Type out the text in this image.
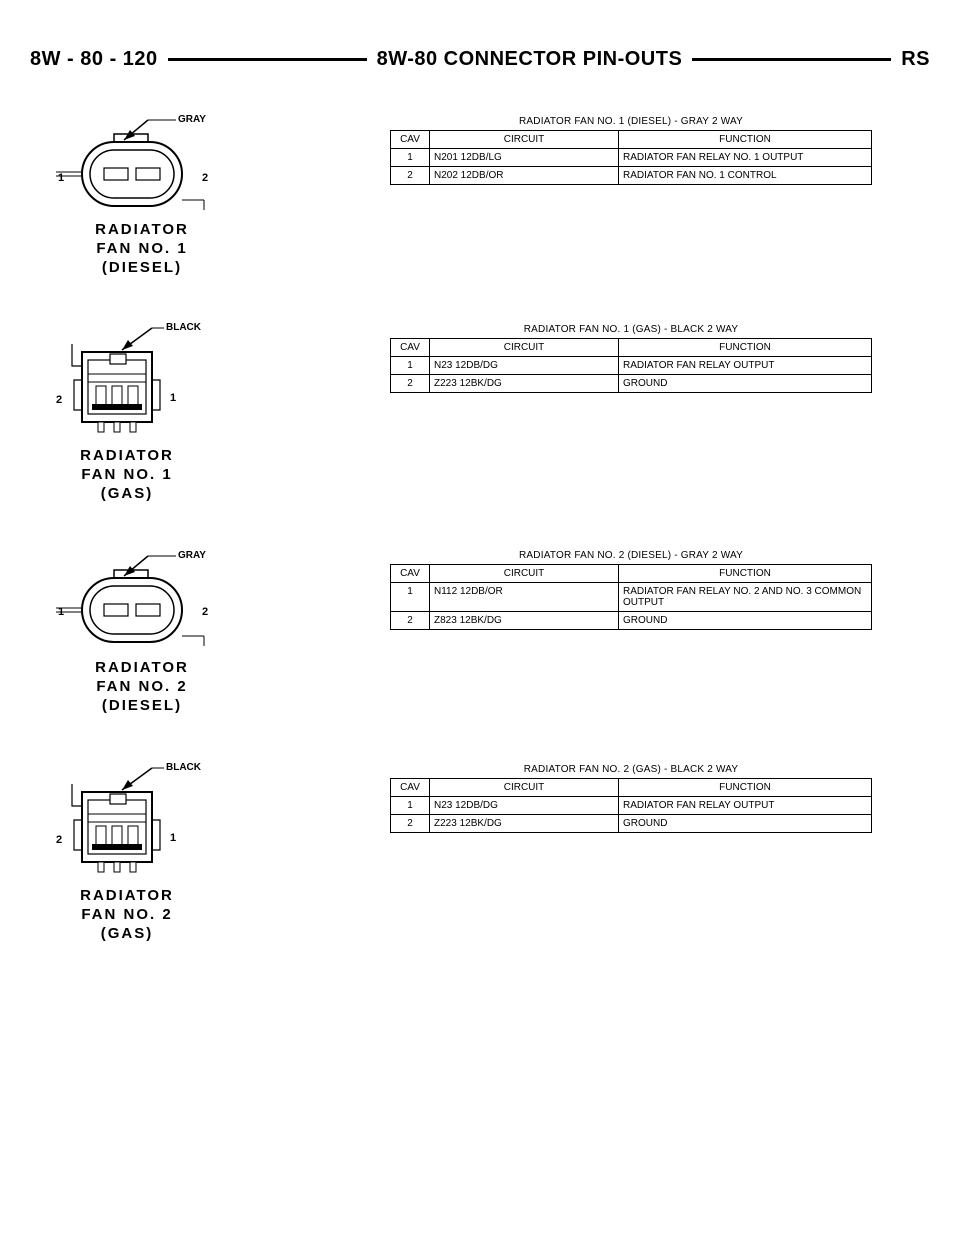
8W - 80 - 120	8W-80 CONNECTOR PIN-OUTS	RS
GRAY
1	2
RADIATOR
FAN NO. 1
(DIESEL)
RADIATOR FAN NO. 1 (DIESEL) - GRAY 2 WAY
CAV	CIRCUIT	FUNCTION
1	N201 12DB/LG	RADIATOR FAN RELAY NO. 1 OUTPUT
2	N202 12DB/OR	RADIATOR FAN NO. 1 CONTROL
BLACK
2	1
RADIATOR
FAN NO. 1
(GAS)
RADIATOR FAN NO. 1 (GAS) - BLACK 2 WAY
CAV	CIRCUIT	FUNCTION
1	N23 12DB/DG	RADIATOR FAN RELAY OUTPUT
2	Z223 12BK/DG	GROUND
GRAY
1	2
RADIATOR
FAN NO. 2
(DIESEL)
RADIATOR FAN NO. 2 (DIESEL) - GRAY 2 WAY
CAV	CIRCUIT	FUNCTION
1	N112 12DB/OR	RADIATOR FAN RELAY NO. 2 AND NO. 3 COMMON OUTPUT
2	Z823 12BK/DG	GROUND
BLACK
2	1
RADIATOR
FAN NO. 2
(GAS)
RADIATOR FAN NO. 2 (GAS) - BLACK 2 WAY
CAV	CIRCUIT	FUNCTION
1	N23 12DB/DG	RADIATOR FAN RELAY OUTPUT
2	Z223 12BK/DG	GROUND
